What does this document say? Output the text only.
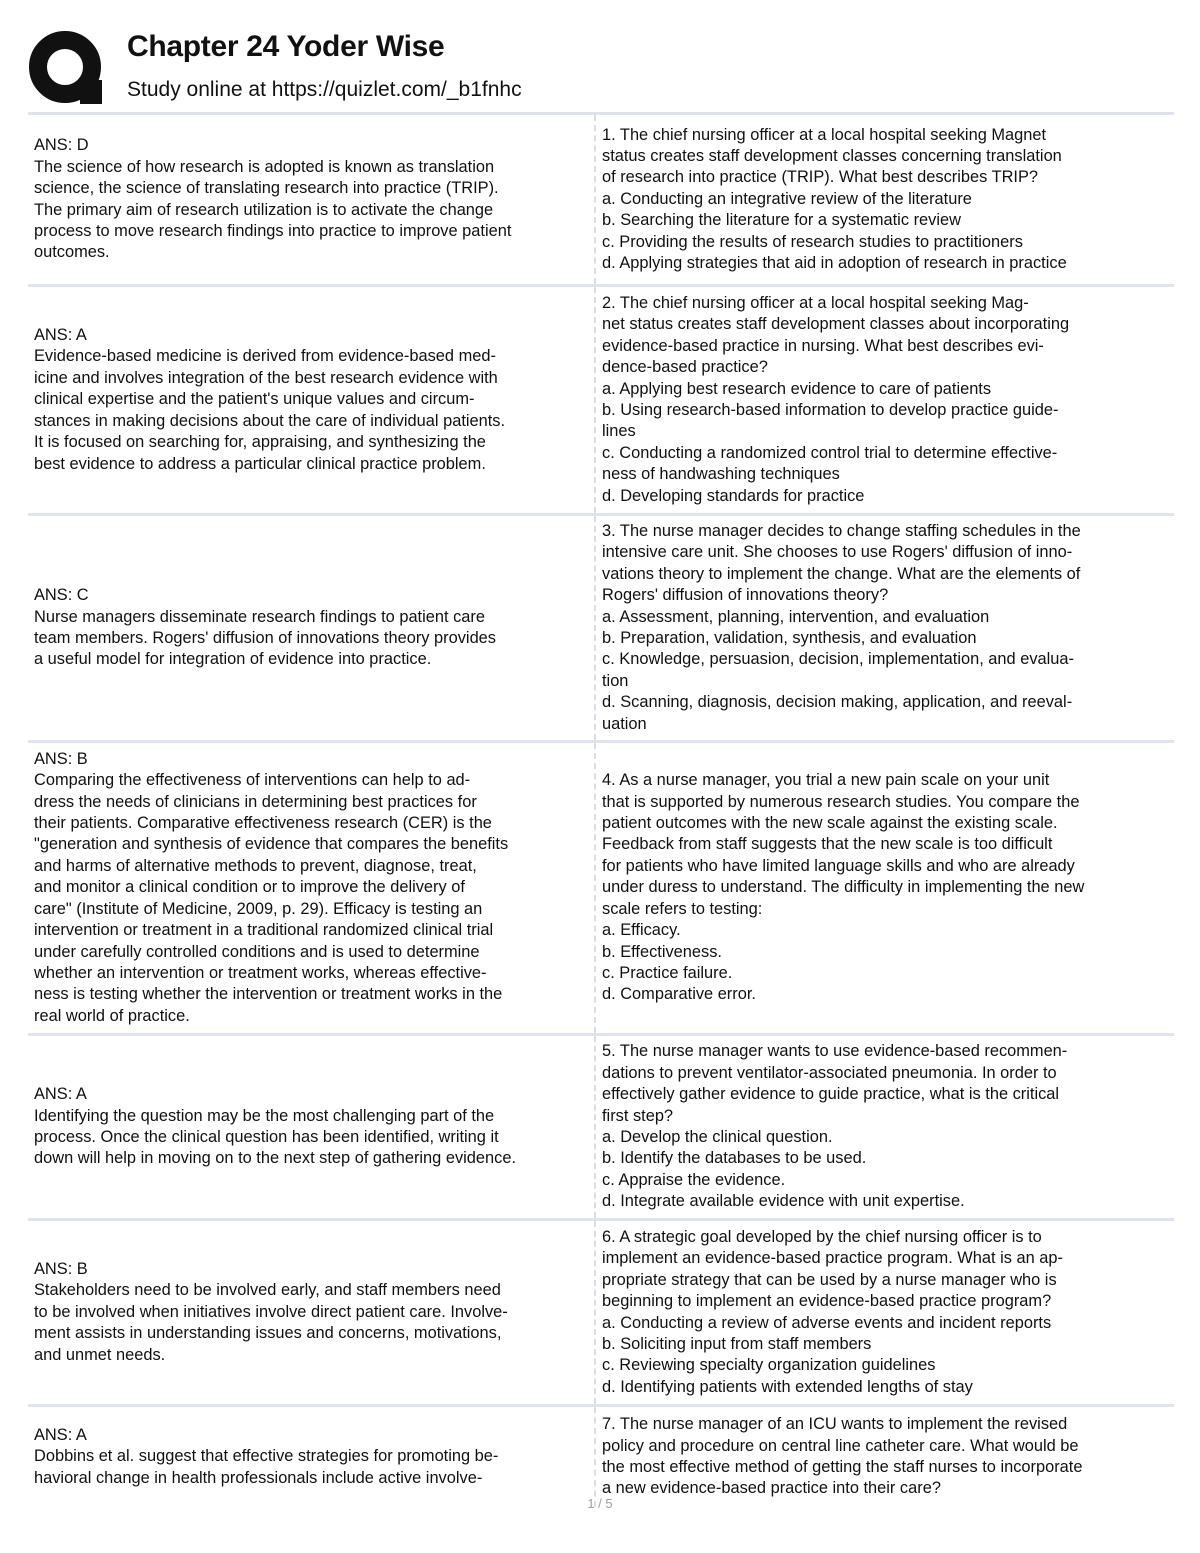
Chapter 24 Yoder Wise
Study online at https://quizlet.com/_b1fnhc
ANS: D
The science of how research is adopted is known as translation
science, the science of translating research into practice (TRIP).
The primary aim of research utilization is to activate the change
process to move research findings into practice to improve patient
outcomes.
1. The chief nursing officer at a local hospital seeking Magnet
status creates staff development classes concerning translation
of research into practice (TRIP). What best describes TRIP?
a. Conducting an integrative review of the literature
b. Searching the literature for a systematic review
c. Providing the results of research studies to practitioners
d. Applying strategies that aid in adoption of research in practice
ANS: A
Evidence-based medicine is derived from evidence-based med-
icine and involves integration of the best research evidence with
clinical expertise and the patient's unique values and circum-
stances in making decisions about the care of individual patients.
It is focused on searching for, appraising, and synthesizing the
best evidence to address a particular clinical practice problem.
2. The chief nursing officer at a local hospital seeking Mag-
net status creates staff development classes about incorporating
evidence-based practice in nursing. What best describes evi-
dence-based practice?
a. Applying best research evidence to care of patients
b. Using research-based information to develop practice guide-
lines
c. Conducting a randomized control trial to determine effective-
ness of handwashing techniques
d. Developing standards for practice
ANS: C
Nurse managers disseminate research findings to patient care
team members. Rogers' diffusion of innovations theory provides
a useful model for integration of evidence into practice.
3. The nurse manager decides to change staffing schedules in the
intensive care unit. She chooses to use Rogers' diffusion of inno-
vations theory to implement the change. What are the elements of
Rogers' diffusion of innovations theory?
a. Assessment, planning, intervention, and evaluation
b. Preparation, validation, synthesis, and evaluation
c. Knowledge, persuasion, decision, implementation, and evalua-
tion
d. Scanning, diagnosis, decision making, application, and reeval-
uation
ANS: B
Comparing the effectiveness of interventions can help to ad-
dress the needs of clinicians in determining best practices for
their patients. Comparative effectiveness research (CER) is the
"generation and synthesis of evidence that compares the benefits
and harms of alternative methods to prevent, diagnose, treat,
and monitor a clinical condition or to improve the delivery of
care" (Institute of Medicine, 2009, p. 29). Efficacy is testing an
intervention or treatment in a traditional randomized clinical trial
under carefully controlled conditions and is used to determine
whether an intervention or treatment works, whereas effective-
ness is testing whether the intervention or treatment works in the
real world of practice.
4. As a nurse manager, you trial a new pain scale on your unit
that is supported by numerous research studies. You compare the
patient outcomes with the new scale against the existing scale.
Feedback from staff suggests that the new scale is too difficult
for patients who have limited language skills and who are already
under duress to understand. The difficulty in implementing the new
scale refers to testing:
a. Efficacy.
b. Effectiveness.
c. Practice failure.
d. Comparative error.
ANS: A
Identifying the question may be the most challenging part of the
process. Once the clinical question has been identified, writing it
down will help in moving on to the next step of gathering evidence.
5. The nurse manager wants to use evidence-based recommen-
dations to prevent ventilator-associated pneumonia. In order to
effectively gather evidence to guide practice, what is the critical
first step?
a. Develop the clinical question.
b. Identify the databases to be used.
c. Appraise the evidence.
d. Integrate available evidence with unit expertise.
ANS: B
Stakeholders need to be involved early, and staff members need
to be involved when initiatives involve direct patient care. Involve-
ment assists in understanding issues and concerns, motivations,
and unmet needs.
6. A strategic goal developed by the chief nursing officer is to
implement an evidence-based practice program. What is an ap-
propriate strategy that can be used by a nurse manager who is
beginning to implement an evidence-based practice program?
a. Conducting a review of adverse events and incident reports
b. Soliciting input from staff members
c. Reviewing specialty organization guidelines
d. Identifying patients with extended lengths of stay
ANS: A
Dobbins et al. suggest that effective strategies for promoting be-
havioral change in health professionals include active involve-
7. The nurse manager of an ICU wants to implement the revised
policy and procedure on central line catheter care. What would be
the most effective method of getting the staff nurses to incorporate
a new evidence-based practice into their care?
1 / 5
